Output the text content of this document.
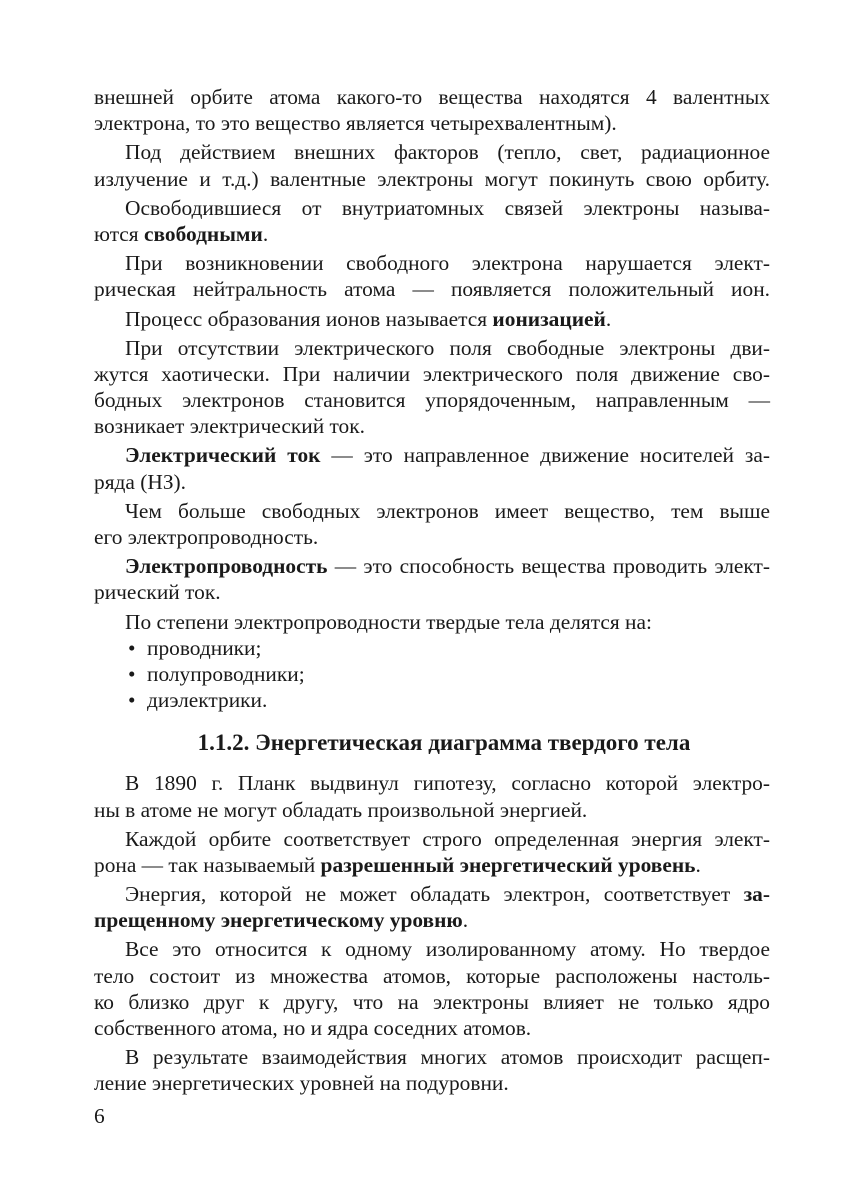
внешней орбите атома какого-то вещества находятся 4 валентных
электрона, то это вещество является четырехвалентным).
Под действием внешних факторов (тепло, свет, радиационное
излучение и т.д.) валентные электроны могут покинуть свою орбиту.
Освободившиеся от внутриатомных связей электроны называ-
ются свободными.
При возникновении свободного электрона нарушается элект-
рическая нейтральность атома — появляется положительный ион.
Процесс образования ионов называется ионизацией.
При отсутствии электрического поля свободные электроны дви-
жутся хаотически. При наличии электрического поля движение сво-
бодных электронов становится упорядоченным, направленным —
возникает электрический ток.
Электрический ток — это направленное движение носителей за-
ряда (НЗ).
Чем больше свободных электронов имеет вещество, тем выше
его электропроводность.
Электропроводность — это способность вещества проводить элект-
рический ток.
По степени электропроводности твердые тела делятся на:
• проводники;
• полупроводники;
• диэлектрики.
1.1.2. Энергетическая диаграмма твердого тела
В 1890 г. Планк выдвинул гипотезу, согласно которой электро-
ны в атоме не могут обладать произвольной энергией.
Каждой орбите соответствует строго определенная энергия элект-
рона — так называемый разрешенный энергетический уровень.
Энергия, которой не может обладать электрон, соответствует за-
прещенному энергетическому уровню.
Все это относится к одному изолированному атому. Но твердое
тело состоит из множества атомов, которые расположены настоль-
ко близко друг к другу, что на электроны влияет не только ядро
собственного атома, но и ядра соседних атомов.
В результате взаимодействия многих атомов происходит расщеп-
ление энергетических уровней на подуровни.
6
